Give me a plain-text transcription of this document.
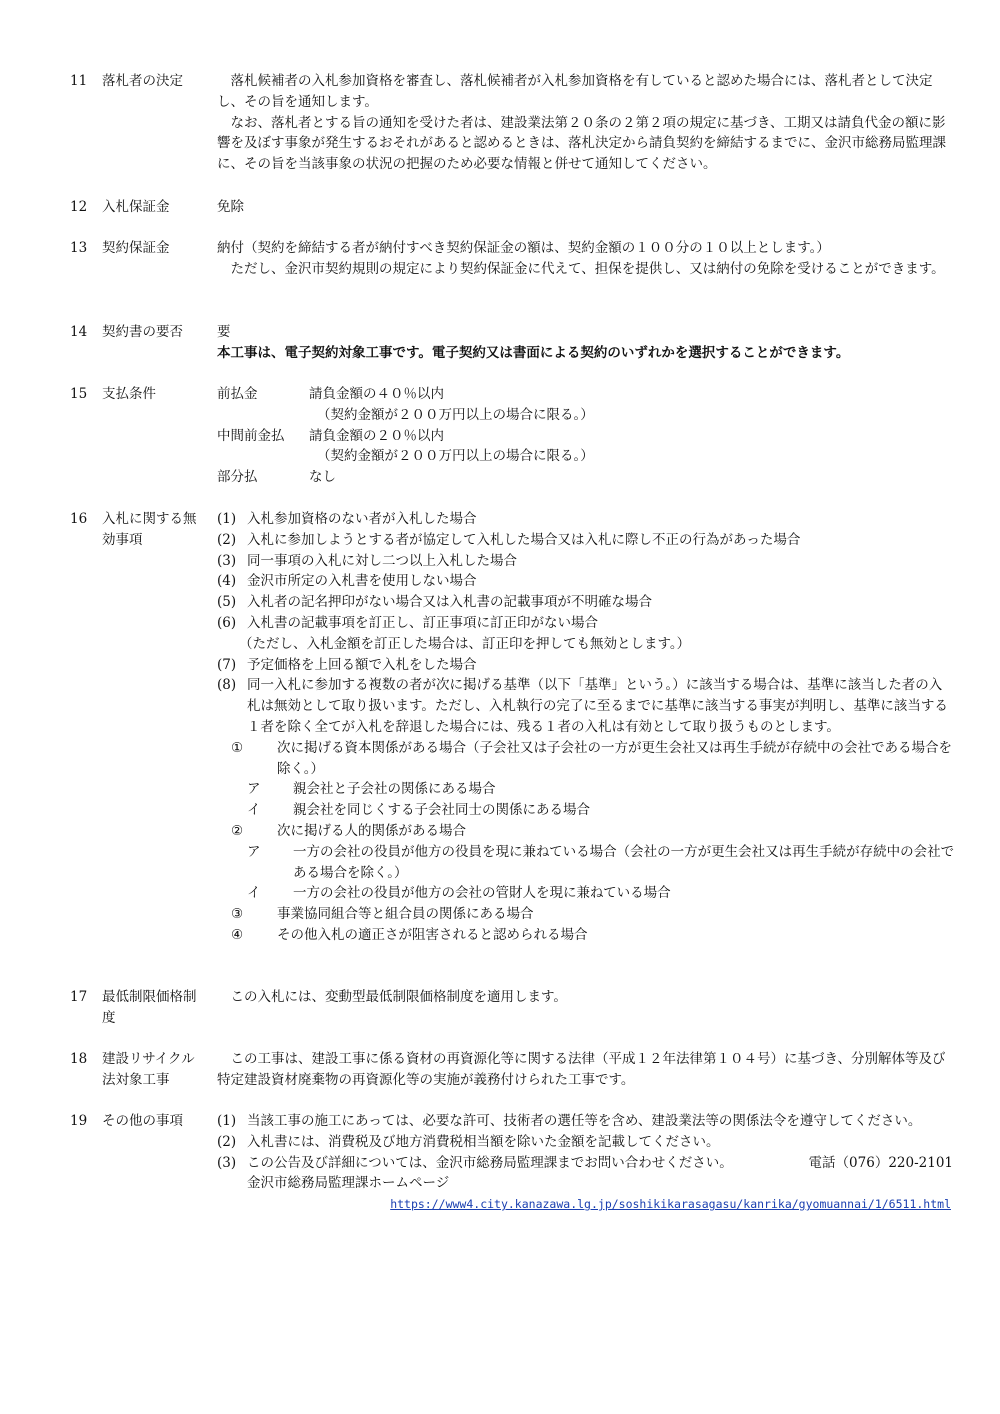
11	落札者の決定	落札候補者の入札参加資格を審査し、落札候補者が入札参加資格を有していると認めた場合には、落札者として決定し、その旨を通知します。

なお、落札者とする旨の通知を受けた者は、建設業法第２０条の２第２項の規定に基づき、工期又は請負代金の額に影響を及ぼす事象が発生するおそれがあると認めるときは、落札決定から請負契約を締結するまでに、金沢市総務局監理課に、その旨を当該事象の状況の把握のため必要な情報と併せて通知してください。

12	入札保証金	免除
13	契約保証金	納付（契約を締結する者が納付すべき契約保証金の額は、契約金額の１００分の１０以上とします。）

ただし、金沢市契約規則の規定により契約保証金に代えて、担保を提供し、又は納付の免除を受けることができます。

14	契約書の要否	要

本工事は、電子契約対象工事です。電子契約又は書面による契約のいずれかを選択することができます。

15	支払条件	前払金	請負金額の４０％以内
（契約金額が２００万円以上の場合に限る。）
中間前金払 請負金額の２０％以内
（契約金額が２００万円以上の場合に限る。）
部分払	なし
16	入札に関する無効事項
(1) 入札参加資格のない者が入札した場合
(2) 入札に参加しようとする者が協定して入札した場合又は入札に際し不正の行為があった場合
(3) 同一事項の入札に対し二つ以上入札した場合
(4) 金沢市所定の入札書を使用しない場合
(5) 入札者の記名押印がない場合又は入札書の記載事項が不明確な場合
(6) 入札書の記載事項を訂正し、訂正事項に訂正印がない場合
（ただし、入札金額を訂正した場合は、訂正印を押しても無効とします。）
(7) 予定価格を上回る額で入札をした場合
(8) 同一入札に参加する複数の者が次に掲げる基準（以下「基準」という。）に該当する場合は、基準に該当した者の入札は無効として取り扱います。ただし、入札執行の完了に至るまでに基準に該当する事実が判明し、基準に該当する１者を除く全てが入札を辞退した場合には、残る１者の入札は有効として取り扱うものとします。
①	次に掲げる資本関係がある場合（子会社又は子会社の一方が更生会社又は再生手続が存続中の会社である場合を除く。）
ア 親会社と子会社の関係にある場合
イ 親会社を同じくする子会社同士の関係にある場合
②	次に掲げる人的関係がある場合
ア 一方の会社の役員が他方の役員を現に兼ねている場合（会社の一方が更生会社又は再生手続が存続中の会社である場合を除く。）
イ 一方の会社の役員が他方の会社の管財人を現に兼ねている場合
③	事業協同組合等と組合員の関係にある場合
④	その他入札の適正さが阻害されると認められる場合
17	最低制限価格制度

この入札には、変動型最低制限価格制度を適用します。

18	建設リサイクル法対象工事

この工事は、建設工事に係る資材の再資源化等に関する法律（平成１２年法律第１０４号）に基づき、分別解体等及び特定建設資材廃棄物の再資源化等の実施が義務付けられた工事です。

19	その他の事項	(1) 当該工事の施工にあっては、必要な許可、技術者の選任等を含め、建設業法等の関係法令を遵守してください。
(2) 入札書には、消費税及び地方消費税相当額を除いた金額を記載してください。
(3) この公告及び詳細については、金沢市総務局監理課までお問い合わせください。	電話（076）220-2101
金沢市総務局監理課ホームページ
https://www4.city.kanazawa.lg.jp/soshikikarasagasu/kanrika/gyomuannai/1/6511.html
